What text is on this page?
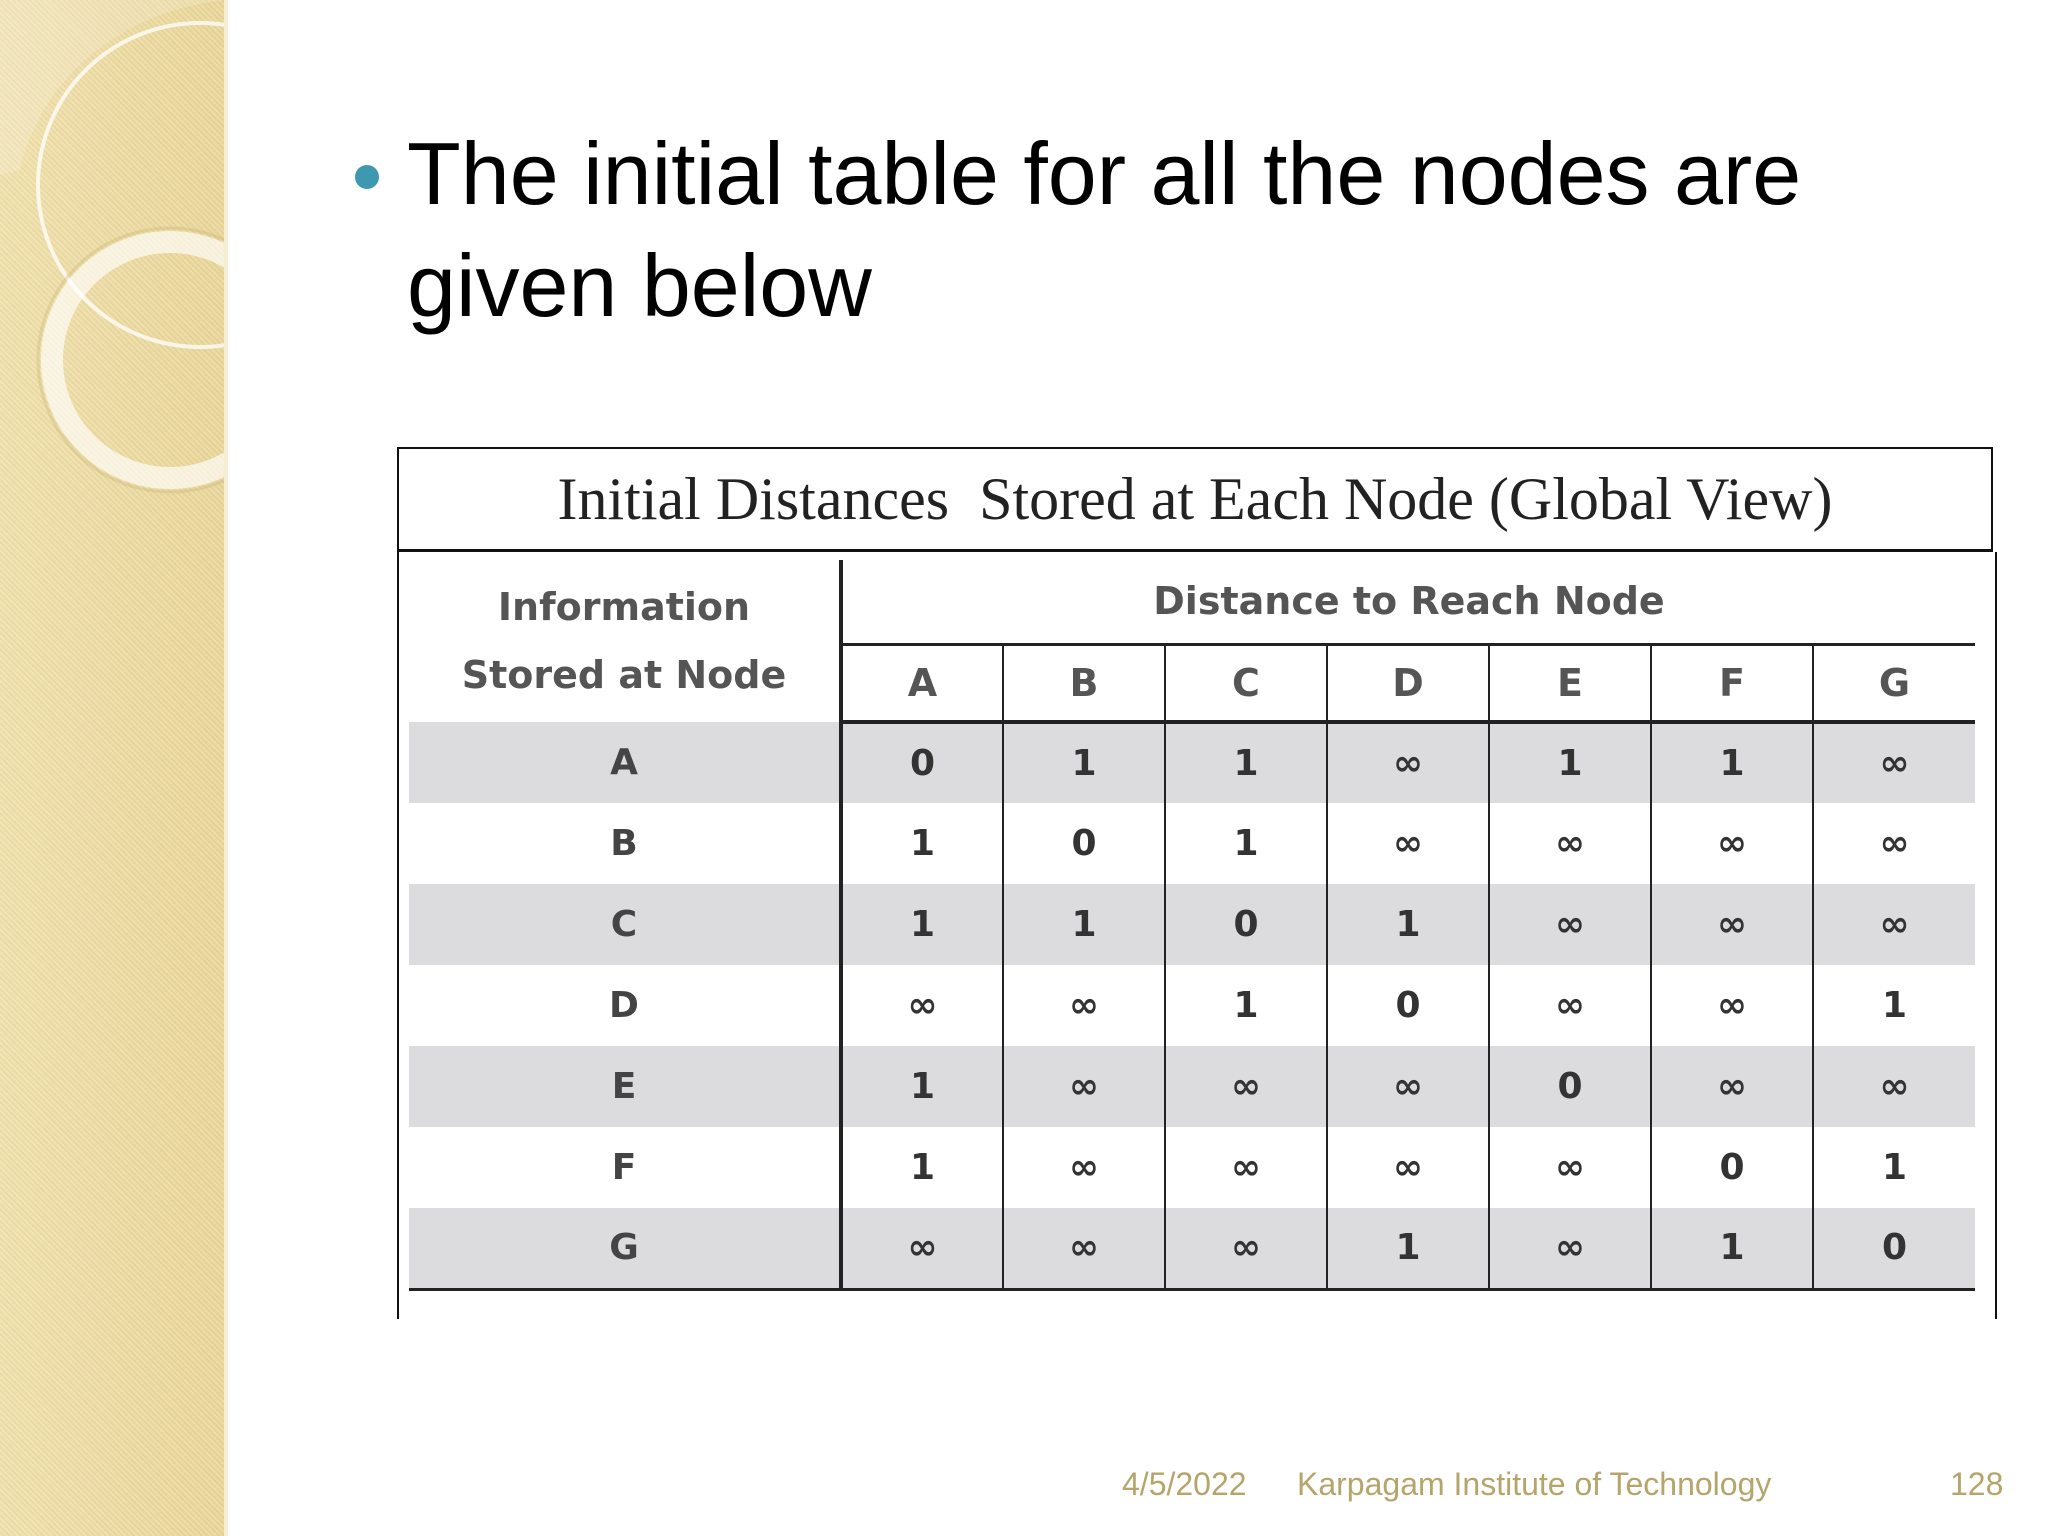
The initial table for all the nodes are given below
Initial Distances  Stored at Each Node (Global View)
Information
Stored at Node	Distance to Reach Node						
	A	B	C	D	E	F	G
A	0	1	1	∞	1	1	∞
B	1	0	1	∞	∞	∞	∞
C	1	1	0	1	∞	∞	∞
D	∞	∞	1	0	∞	∞	1
E	1	∞	∞	∞	0	∞	∞
F	1	∞	∞	∞	∞	0	1
G	∞	∞	∞	1	∞	1	0
4/5/2022 Karpagam Institute of Technology	128
